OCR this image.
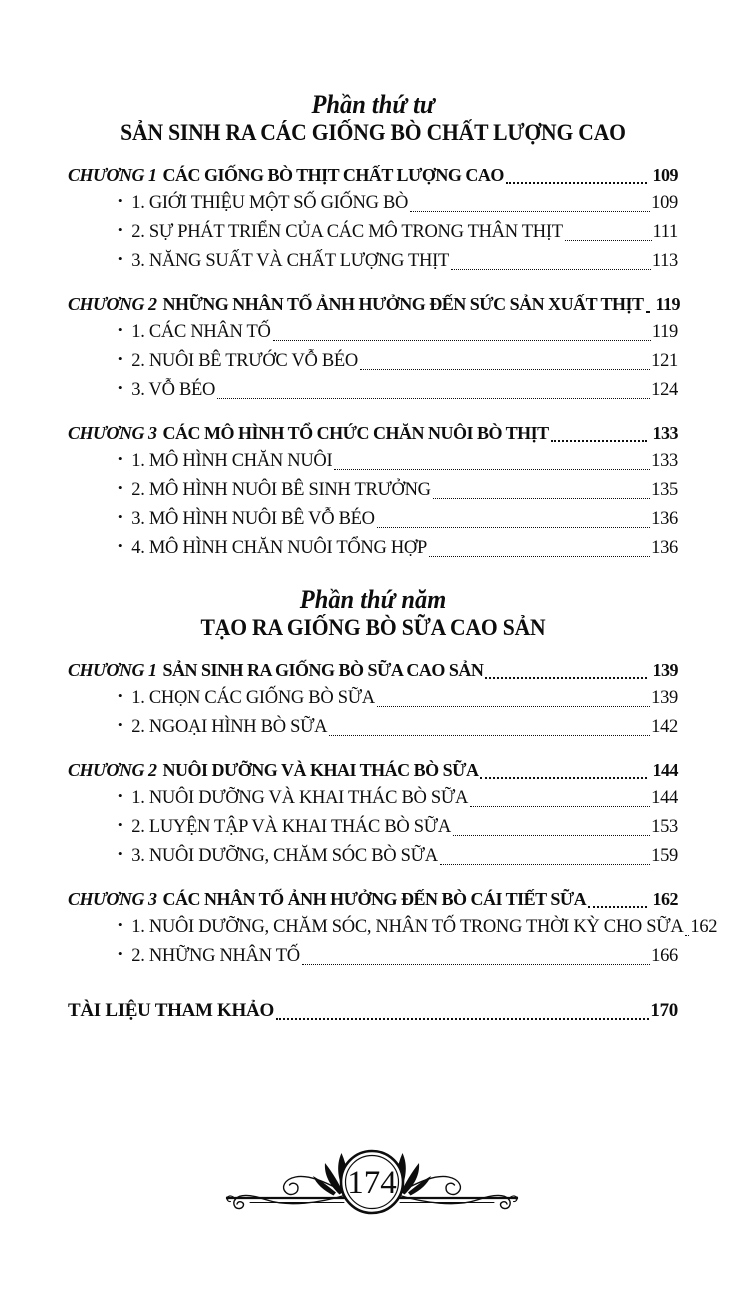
Phần thứ tư
SẢN SINH RA CÁC GIỐNG BÒ CHẤT LƯỢNG CAO
CHƯƠNG 1 CÁC GIỐNG BÒ THỊT CHẤT LƯỢNG CAO	109
• 1. GIỚI THIỆU MỘT SỐ GIỐNG BÒ	109
• 2. SỰ PHÁT TRIỂN CỦA CÁC MÔ TRONG THÂN THỊT	111
• 3. NĂNG SUẤT VÀ CHẤT LƯỢNG THỊT	113
CHƯƠNG 2 NHỮNG NHÂN TỐ ẢNH HƯỞNG ĐẾN SỨC SẢN XUẤT THỊT 119
• 1. CÁC NHÂN TỐ	119
• 2. NUÔI BÊ TRƯỚC VỖ BÉO	121
• 3. VỖ BÉO	124
CHƯƠNG 3 CÁC MÔ HÌNH TỔ CHỨC CHĂN NUÔI BÒ THỊT	133
• 1. MÔ HÌNH CHĂN NUÔI	133
• 2. MÔ HÌNH NUÔI BÊ SINH TRƯỞNG	135
• 3. MÔ HÌNH NUÔI BÊ VỖ BÉO	136
• 4. MÔ HÌNH CHĂN NUÔI TỔNG HỢP	136
Phần thứ năm
TẠO RA GIỐNG BÒ SỮA CAO SẢN
CHƯƠNG 1 SẢN SINH RA GIỐNG BÒ SỮA CAO SẢN	139
• 1. CHỌN CÁC GIỐNG BÒ SỮA	139
• 2. NGOẠI HÌNH BÒ SỮA	142
CHƯƠNG 2 NUÔI DƯỠNG VÀ KHAI THÁC BÒ SỮA	144
• 1. NUÔI DƯỠNG VÀ KHAI THÁC BÒ SỮA	144
• 2. LUYỆN TẬP VÀ KHAI THÁC BÒ SỮA	153
• 3. NUÔI DƯỠNG, CHĂM SÓC BÒ SỮA	159
CHƯƠNG 3 CÁC NHÂN TỐ ẢNH HƯỞNG ĐẾN BÒ CÁI TIẾT SỮA	162
• 1. NUÔI DƯỠNG, CHĂM SÓC, NHÂN TỐ TRONG THỜI KỲ CHO SỮA 162
• 2. NHỮNG NHÂN TỐ	166
TÀI LIỆU THAM KHẢO	170
174
